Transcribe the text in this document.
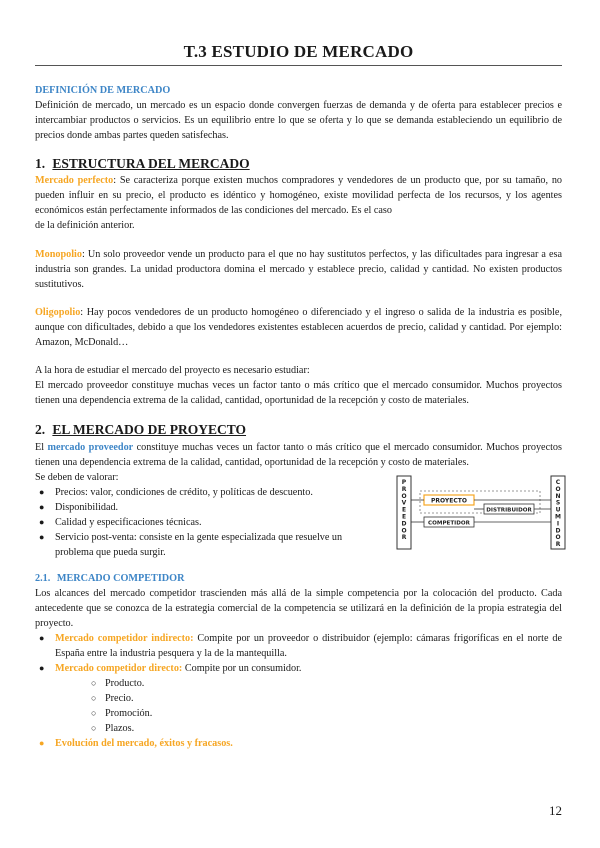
T.3 ESTUDIO DE MERCADO
DEFINICIÓN DE MERCADO
Definición de mercado, un mercado es un espacio donde convergen fuerzas de demanda y de oferta para establecer precios e intercambiar productos o servicios. Es un equilibrio entre lo que se oferta y lo que se demanda estableciendo un equilibrio de precios donde ambas partes queden satisfechas.
1. ESTRUCTURA DEL MERCADO
Mercado perfecto: Se caracteriza porque existen muchos compradores y vendedores de un producto que, por su tamaño, no pueden influir en su precio, el producto es idéntico y homogéneo, existe movilidad perfecta de los recursos, y los agentes económicos están perfectamente informados de las condiciones del mercado. Es el caso
de la definición anterior.
Monopolio: Un solo proveedor vende un producto para el que no hay sustitutos perfectos, y las dificultades para ingresar a esa industria son grandes. La unidad productora domina el mercado y establece precio, calidad y cantidad. No existen productos sustitutivos.
Oligopolio: Hay pocos vendedores de un producto homogéneo o diferenciado y el ingreso o salida de la industria es posible, aunque con dificultades, debido a que los vendedores existentes establecen acuerdos de precio, calidad y cantidad. Por ejemplo: Amazon, McDonald…
A la hora de estudiar el mercado del proyecto es necesario estudiar:
El mercado proveedor constituye muchas veces un factor tanto o más crítico que el mercado consumidor. Muchos proyectos tienen una dependencia extrema de la calidad, cantidad, oportunidad de la recepción y costo de materiales.
2. EL MERCADO DE PROYECTO
El mercado proveedor constituye muchas veces un factor tanto o más crítico que el mercado consumidor. Muchos proyectos tienen una dependencia extrema de la calidad, cantidad, oportunidad de la recepción y costo de materiales.
Se deben de valorar:
● Precios: valor, condiciones de crédito, y políticas de descuento.
● Disponibilidad.
● Calidad y especificaciones técnicas.
● Servicio post-venta: consiste en la gente especializada que resuelve un
problema que pueda surgir.
2.1. MERCADO COMPETIDOR
Los alcances del mercado competidor trascienden más allá de la simple competencia por la colocación del producto. Cada antecedente que se conozca de la estrategia comercial de la competencia se utilizará en la definición de la propia estrategia del proyecto.
● Mercado competidor indirecto: Compite por un proveedor o distribuidor (ejemplo: cámaras frigoríficas en el norte de España entre la industria pesquera y la de la mantequilla.
● Mercado competidor directo: Compite por un consumidor.
○ Producto.
○ Precio.
○ Promoción.
○ Plazos.
● Evolución del mercado, éxitos y fracasos.
P R O V E E D O R
C O N S U M I D O R
PROYECTO
DISTRIBUIDOR
COMPETIDOR
12
